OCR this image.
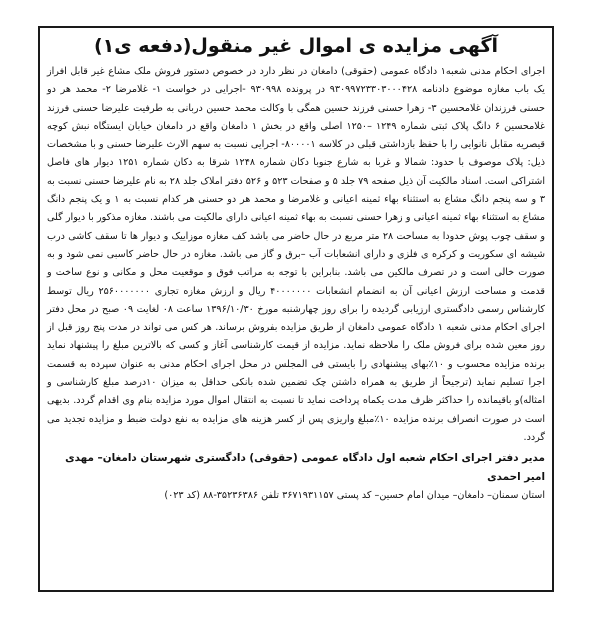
آگهی مزایده ی اموال غیر منقول(دفعه ی۱)

اجرای احکام مدنی شعبه۱ دادگاه عمومی (حقوقی) دامغان در نظر دارد در خصوص دستور فروش ملک مشاع غیر قابل افراز یک باب مغازه موضوع دادنامه ۹۳۰۹۹۷۲۳۳۰۳۰۰۰۴۲۸ در پرونده ۹۳۰۹۹۸ -اجرایی در خواست ۱- غلامرضا ۲- محمد هر دو حسنی فرزندان غلامحسین ۳- زهرا حسنی فرزند حسین همگی با وکالت محمد حسین دربانی به طرفیت علیرضا حسنی فرزند غلامحسین ۶ دانگ پلاک ثبتی شماره ۱۲۴۹ –۱۲۵۰ اصلی واقع در بخش ۱ دامغان واقع در دامغان خیابان ایستگاه نبش کوچه قیصریه مقابل نانوایی را با حفظ بازداشتی قبلی در کلاسه ۸۰۰۰۰۱- اجرایی نسبت به سهم الارث علیرضا حسنی و با مشخصات ذیل: پلاک موصوف با حدود: شمالا و غربا به شارع جنوبا دکان شماره ۱۲۴۸ شرقا به دکان شماره ۱۲۵۱ دیوار های فاصل اشتراکی است. اسناد مالکیت آن ذیل صفحه ۷۹ جلد ۵ و صفحات ۵۲۳ و ۵۲۶ دفتر املاک جلد ۲۸ به نام علیرضا حسنی نسبت به ۳ و سه پنجم دانگ مشاع به استثناء بهاء ثمینه اعیانی و غلامرضا و محمد هر دو حسنی هر کدام نسبت به ۱ و یک پنجم دانگ مشاع به استثناء بهاء ثمینه اعیانی و زهرا حسنی نسبت به بهاء ثمینه اعیانی دارای مالکیت می باشند. مغازه مذکور با دیوار گلی و سقف چوب پوش حدودا به مساحت ۲۸ متر مربع در حال حاضر می باشد کف مغازه موزاییک و دیوار ها تا سقف کاشی درب شیشه ای سکوریت و کرکره ی فلزی و دارای انشعابات آب –برق و گاز می باشد. مغازه در حال حاضر کاسبی نمی شود و به صورت خالی است و در تصرف مالکین می باشد. بنابراین با توجه به مراتب فوق و موقعیت محل و مکانی و نوع ساخت و قدمت و مساحت ارزش اعیانی آن به انضمام انشعابات ۴۰۰۰۰۰۰۰ ریال و ارزش مغازه تجاری ۲۵۶۰۰۰۰۰۰۰ ریال توسط کارشناس رسمی دادگستری ارزیابی گردیده را برای روز چهارشنبه مورخ ۱۳۹۶/۱۰/۳۰ ساعت ۰۸ لغایت ۰۹ صبح در محل دفتر اجرای احکام مدنی شعبه ۱ دادگاه عمومی دامغان از طریق مزایده بفروش برساند. هر کس می تواند در مدت پنج روز قبل از روز معین شده برای فروش ملک را ملاحظه نماید. مزایده از قیمت کارشناسی آغاز و کسی که بالاترین مبلغ را پیشنهاد نماید برنده مزایده محسوب و ۱۰٪بهای پیشنهادی را بایستی فی المجلس در محل اجرای احکام مدنی به عنوان سپرده به قسمت اجرا تسلیم نماید (ترجیحاً از طریق به همراه داشتن چک تضمین شده بانکی حداقل به میزان ۱۰درصد مبلغ کارشناسی و امثاله)و باقیمانده را حداکثر ظرف مدت یکماه پرداخت نماید تا نسبت به انتقال اموال مورد مزایده بنام وی اقدام گردد. بدیهی است در صورت انصراف برنده مزایده ۱۰٪مبلغ واریزی پس از کسر هزینه های مزایده به نفع دولت ضبط و مزایده تجدید می گردد.

مدیر دفتر اجرای احکام شعبه اول دادگاه عمومی (حقوقی) دادگستری شهرستان دامغان– مهدی امیر احمدی

استان سمنان– دامغان– میدان امام حسین– کد پستی ۳۶۷۱۹۳۱۱۵۷ تلفن ۳۵۲۳۶۳۸۶-۸۸ (کد ۰۲۳)
